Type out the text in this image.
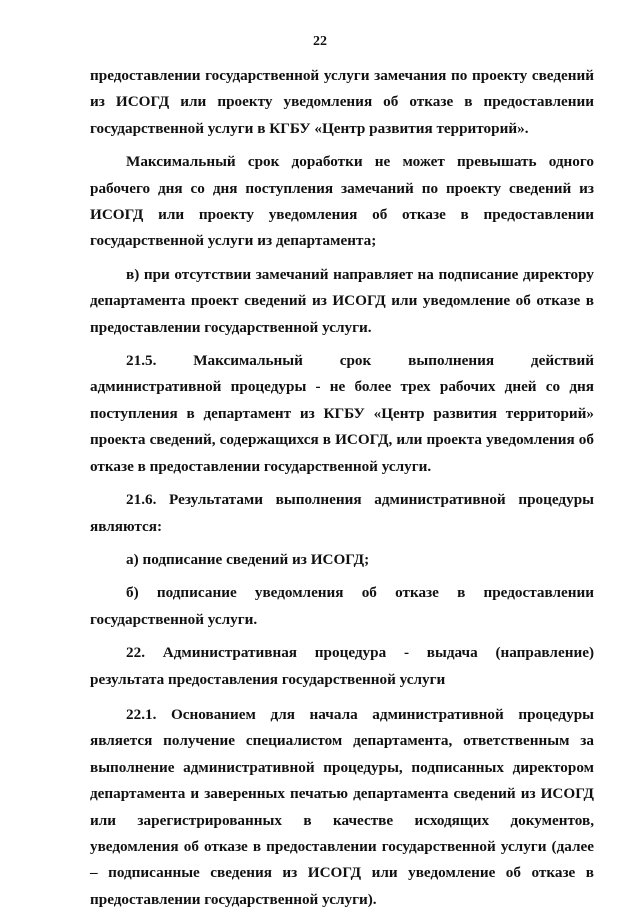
22

предоставлении государственной услуги замечания по проекту сведений из ИСОГД или проекту уведомления об отказе в предоставлении государственной услуги в КГБУ «Центр развития территорий».

Максимальный срок доработки не может превышать одного рабочего дня со дня поступления замечаний по проекту сведений из ИСОГД или проекту уведомления об отказе в предоставлении государственной услуги из департамента;

в) при отсутствии замечаний направляет на подписание директору департамента проект сведений из ИСОГД или уведомление об отказе в предоставлении государственной услуги.

21.5. Максимальный срок выполнения действий административной процедуры - не более трех рабочих дней со дня поступления в департамент из КГБУ «Центр развития территорий» проекта сведений, содержащихся в ИСОГД, или проекта уведомления об отказе в предоставлении государственной услуги.

21.6. Результатами выполнения административной процедуры являются:

а) подписание сведений из ИСОГД;

б) подписание уведомления об отказе в предоставлении государственной услуги.

22. Административная процедура - выдача (направление) результата предоставления государственной услуги

22.1. Основанием для начала административной процедуры является получение специалистом департамента, ответственным за выполнение административной процедуры, подписанных директором департамента и заверенных печатью департамента сведений из ИСОГД или зарегистрированных в качестве исходящих документов, уведомления об отказе в предоставлении государственной услуги (далее – подписанные сведения из ИСОГД или уведомление об отказе в предоставлении государственной услуги).
